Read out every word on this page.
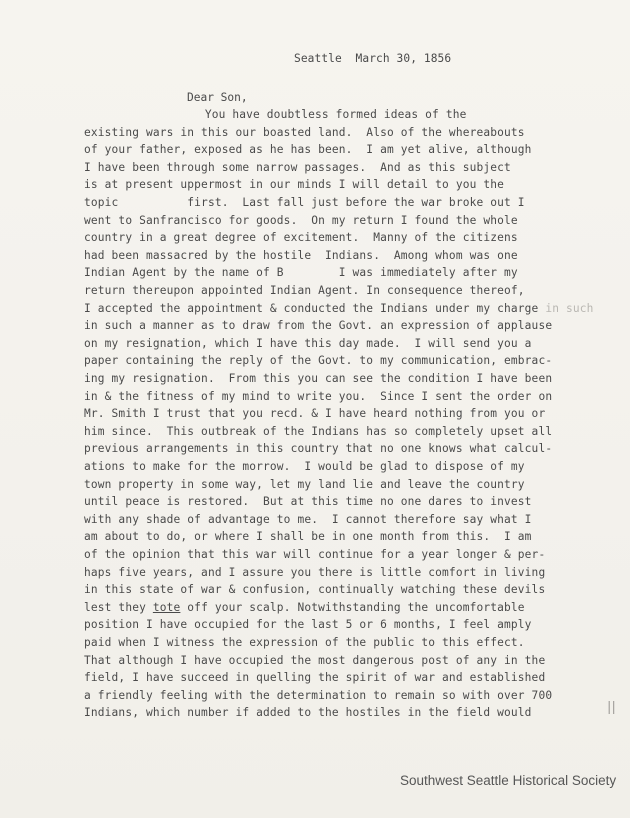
Seattle  March 30, 1856
Dear Son,
You have doubtless formed ideas of the
existing wars in this our boasted land.  Also of the whereabouts
of your father, exposed as he has been.  I am yet alive, although
I have been through some narrow passages.  And as this subject
is at present uppermost in our minds I will detail to you the
topic          first.  Last fall just before the war broke out I
went to Sanfrancisco for goods.  On my return I found the whole
country in a great degree of excitement.  Manny of the citizens
had been massacred by the hostile  Indians.  Among whom was one
Indian Agent by the name of B        I was immediately after my
return thereupon appointed Indian Agent. In consequence thereof,
I accepted the appointment & conducted the Indians under my charge in such
in such a manner as to draw from the Govt. an expression of applause
on my resignation, which I have this day made.  I will send you a
paper containing the reply of the Govt. to my communication, embrac-
ing my resignation.  From this you can see the condition I have been
in & the fitness of my mind to write you.  Since I sent the order on
Mr. Smith I trust that you recd. & I have heard nothing from you or
him since.  This outbreak of the Indians has so completely upset all
previous arrangements in this country that no one knows what calcul-
ations to make for the morrow.  I would be glad to dispose of my
town property in some way, let my land lie and leave the country
until peace is restored.  But at this time no one dares to invest
with any shade of advantage to me.  I cannot therefore say what I
am about to do, or where I shall be in one month from this.  I am
of the opinion that this war will continue for a year longer & per-
haps five years, and I assure you there is little comfort in living
in this state of war & confusion, continually watching these devils
lest they tote off your scalp. Notwithstanding the uncomfortable
position I have occupied for the last 5 or 6 months, I feel amply
paid when I witness the expression of the public to this effect.
That although I have occupied the most dangerous post of any in the
field, I have succeed in quelling the spirit of war and established
a friendly feeling with the determination to remain so with over 700
Indians, which number if added to the hostiles in the field would	| |
Southwest Seattle Historical Society
